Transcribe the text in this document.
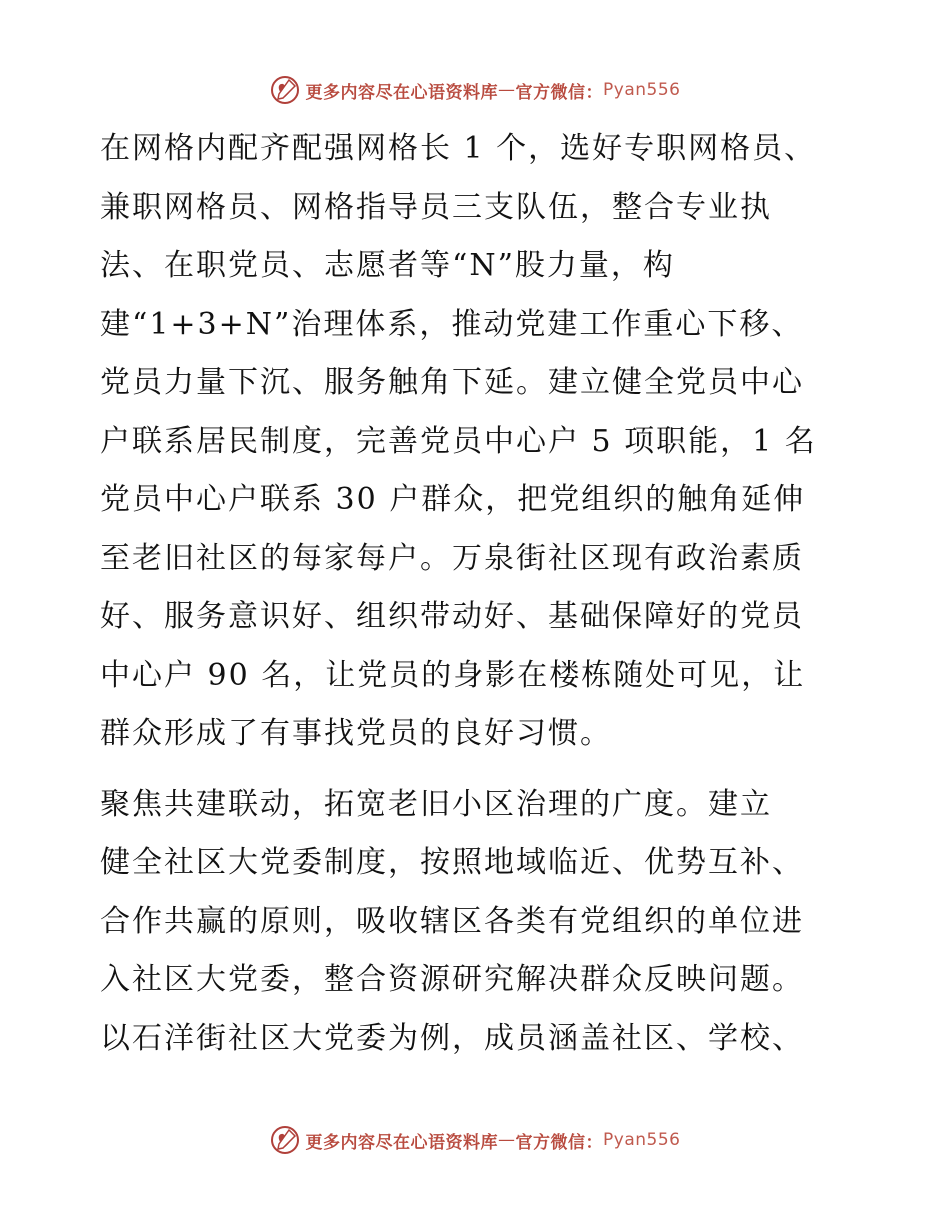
更多内容尽在心语资料库 — 官方微信： Pyan556
在网格内配齐配强网格长 1 个，选好专职网格员、
兼职网格员、网格指导员三支队伍，整合专业执
法、在职党员、志愿者等“N”股力量，构
建“1+3+N”治理体系，推动党建工作重心下移、
党员力量下沉、服务触角下延。建立健全党员中心
户联系居民制度，完善党员中心户 5 项职能，1 名
党员中心户联系 30 户群众，把党组织的触角延伸
至老旧社区的每家每户。万泉街社区现有政治素质
好、服务意识好、组织带动好、基础保障好的党员
中心户 90 名，让党员的身影在楼栋随处可见，让
群众形成了有事找党员的良好习惯。
聚焦共建联动，拓宽老旧小区治理的广度。建立
健全社区大党委制度，按照地域临近、优势互补、
合作共赢的原则，吸收辖区各类有党组织的单位进
入社区大党委，整合资源研究解决群众反映问题。
以石洋街社区大党委为例，成员涵盖社区、学校、
更多内容尽在心语资料库 — 官方微信： Pyan556
